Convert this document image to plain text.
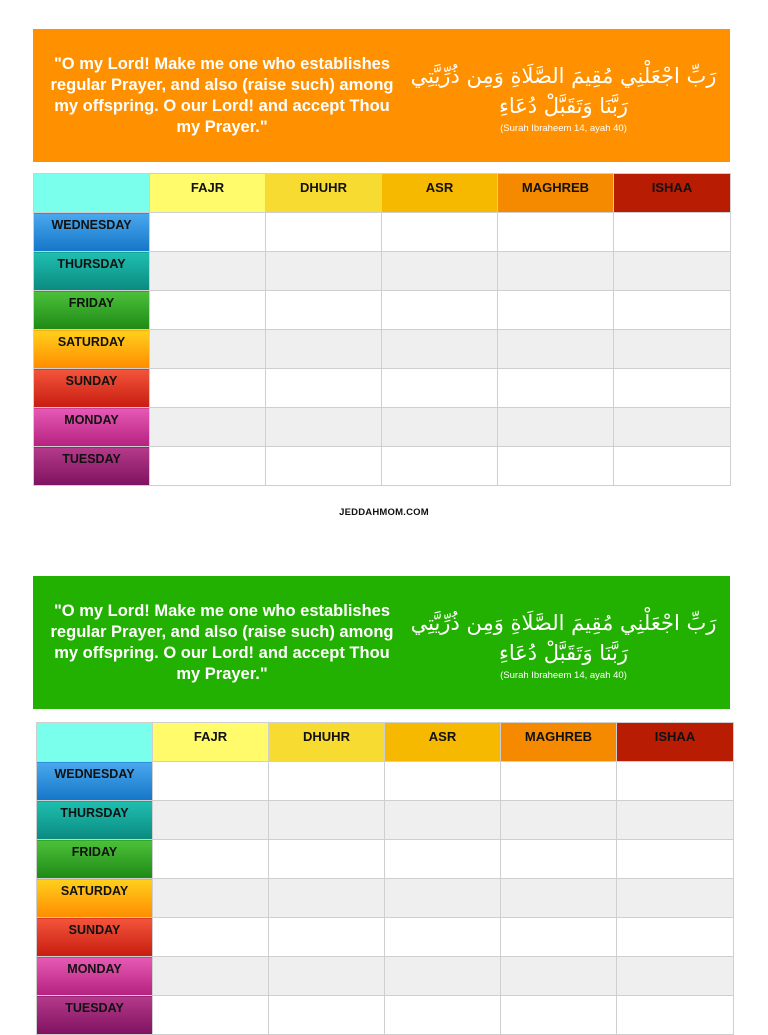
"O my Lord! Make me one who establishes regular Prayer, and also (raise such) among my offspring. O our Lord! and accept Thou my Prayer."
رَبِّ اجْعَلْنِي مُقِيمَ الصَّلَاةِ وَمِن ذُرِّيَّتِي
رَبَّنَا وَتَقَبَّلْ دُعَاءِ
(Surah Ibraheem 14, ayah 40)
	FAJR	DHUHR	ASR	MAGHREB	ISHAA
WEDNESDAY					
THURSDAY					
FRIDAY					
SATURDAY					
SUNDAY					
MONDAY					
TUESDAY					
JEDDAHMOM.COM
"O my Lord! Make me one who establishes regular Prayer, and also (raise such) among my offspring. O our Lord! and accept Thou my Prayer."
رَبِّ اجْعَلْنِي مُقِيمَ الصَّلَاةِ وَمِن ذُرِّيَّتِي
رَبَّنَا وَتَقَبَّلْ دُعَاءِ
(Surah Ibraheem 14, ayah 40)
	FAJR	DHUHR	ASR	MAGHREB	ISHAA
WEDNESDAY					
THURSDAY					
FRIDAY					
SATURDAY					
SUNDAY					
MONDAY					
TUESDAY					
